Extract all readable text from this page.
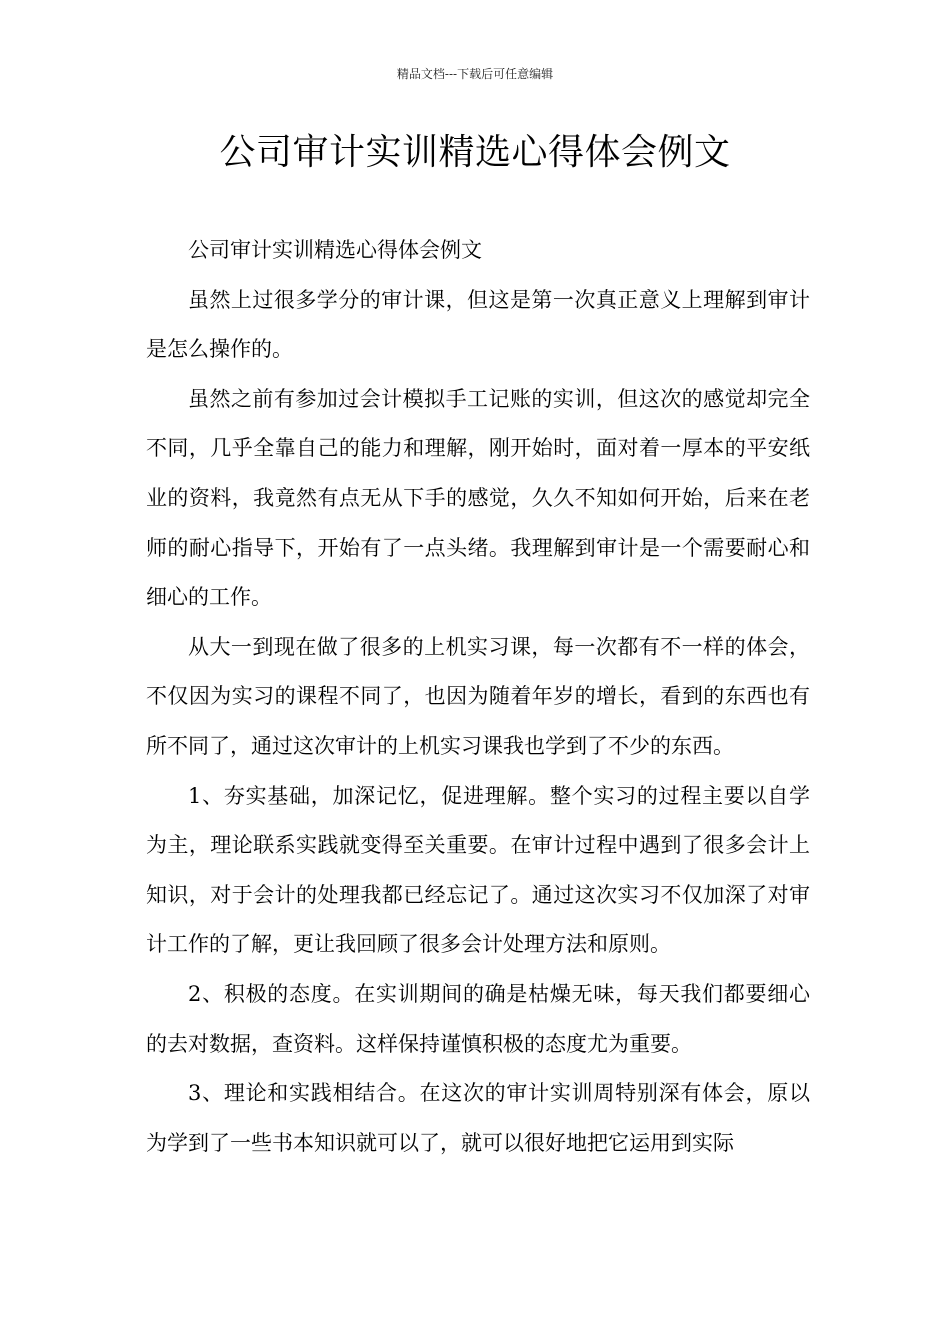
精品文档---下载后可任意编辑
公司审计实训精选心得体会例文

公司审计实训精选心得体会例文

虽然上过很多学分的审计课，但这是第一次真正意义上理解到审计是怎么操作的。

虽然之前有参加过会计模拟手工记账的实训，但这次的感觉却完全不同，几乎全靠自己的能力和理解，刚开始时，面对着一厚本的平安纸业的资料，我竟然有点无从下手的感觉，久久不知如何开始，后来在老师的耐心指导下，开始有了一点头绪。我理解到审计是一个需要耐心和细心的工作。

从大一到现在做了很多的上机实习课，每一次都有不一样的体会，不仅因为实习的课程不同了，也因为随着年岁的增长，看到的东西也有所不同了，通过这次审计的上机实习课我也学到了不少的东西。

1、夯实基础，加深记忆，促进理解。整个实习的过程主要以自学为主，理论联系实践就变得至关重要。在审计过程中遇到了很多会计上知识，对于会计的处理我都已经忘记了。通过这次实习不仅加深了对审计工作的了解，更让我回顾了很多会计处理方法和原则。

2、积极的态度。在实训期间的确是枯燥无味，每天我们都要细心的去对数据，查资料。这样保持谨慎积极的态度尤为重要。

3、理论和实践相结合。在这次的审计实训周特别深有体会，原以为学到了一些书本知识就可以了，就可以很好地把它运用到实际
